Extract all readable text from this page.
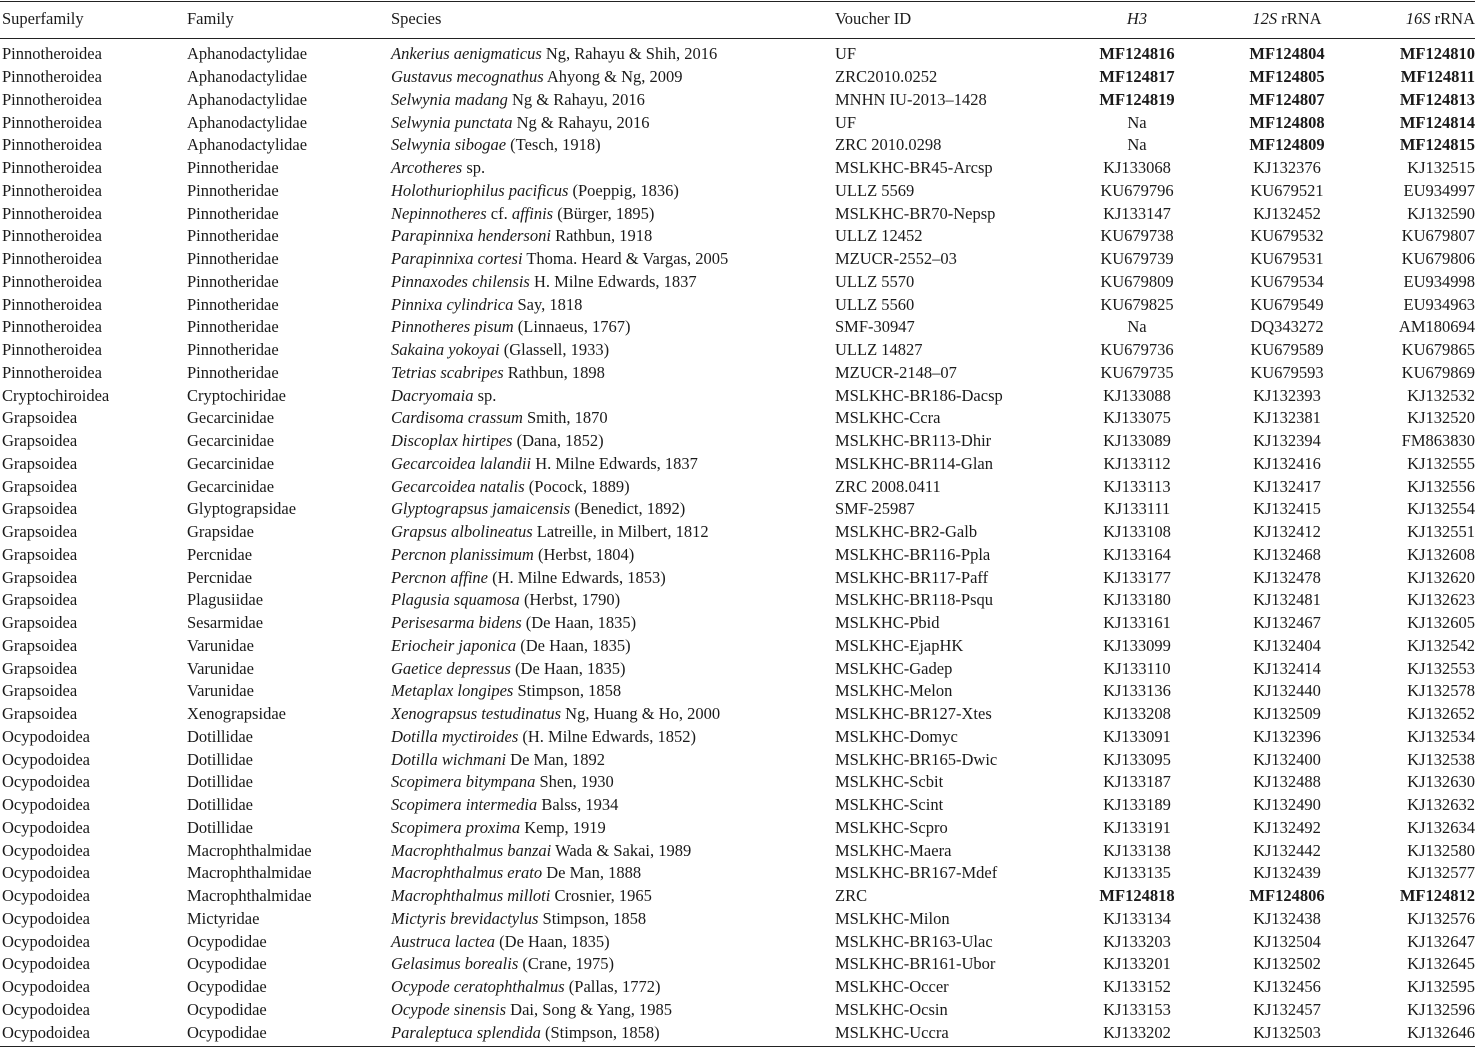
Superfamily	Family	Species	Voucher ID	H3	12S rRNA	16S rRNA

Pinnotheroidea	Aphanodactylidae	Ankerius aenigmaticus Ng, Rahayu & Shih, 2016	UF	MF124816	MF124804	MF124810
Pinnotheroidea	Aphanodactylidae	Gustavus mecognathus Ahyong & Ng, 2009	ZRC2010.0252	MF124817	MF124805	MF124811
Pinnotheroidea	Aphanodactylidae	Selwynia madang Ng & Rahayu, 2016	MNHN IU-2013–1428	MF124819	MF124807	MF124813
Pinnotheroidea	Aphanodactylidae	Selwynia punctata Ng & Rahayu, 2016	UF	Na	MF124808	MF124814
Pinnotheroidea	Aphanodactylidae	Selwynia sibogae (Tesch, 1918)	ZRC 2010.0298	Na	MF124809	MF124815
Pinnotheroidea	Pinnotheridae	Arcotheres sp.	MSLKHC-BR45-Arcsp	KJ133068	KJ132376	KJ132515
Pinnotheroidea	Pinnotheridae	Holothuriophilus pacificus (Poeppig, 1836)	ULLZ 5569	KU679796	KU679521	EU934997
Pinnotheroidea	Pinnotheridae	Nepinnotheres cf. affinis (Bürger, 1895)	MSLKHC-BR70-Nepsp	KJ133147	KJ132452	KJ132590
Pinnotheroidea	Pinnotheridae	Parapinnixa hendersoni Rathbun, 1918	ULLZ 12452	KU679738	KU679532	KU679807
Pinnotheroidea	Pinnotheridae	Parapinnixa cortesi Thoma. Heard & Vargas, 2005	MZUCR-2552–03	KU679739	KU679531	KU679806
Pinnotheroidea	Pinnotheridae	Pinnaxodes chilensis H. Milne Edwards, 1837	ULLZ 5570	KU679809	KU679534	EU934998
Pinnotheroidea	Pinnotheridae	Pinnixa cylindrica Say, 1818	ULLZ 5560	KU679825	KU679549	EU934963
Pinnotheroidea	Pinnotheridae	Pinnotheres pisum (Linnaeus, 1767)	SMF-30947	Na	DQ343272	AM180694
Pinnotheroidea	Pinnotheridae	Sakaina yokoyai (Glassell, 1933)	ULLZ 14827	KU679736	KU679589	KU679865
Pinnotheroidea	Pinnotheridae	Tetrias scabripes Rathbun, 1898	MZUCR-2148–07	KU679735	KU679593	KU679869
Cryptochiroidea	Cryptochiridae	Dacryomaia sp.	MSLKHC-BR186-Dacsp	KJ133088	KJ132393	KJ132532
Grapsoidea	Gecarcinidae	Cardisoma crassum Smith, 1870	MSLKHC-Ccra	KJ133075	KJ132381	KJ132520
Grapsoidea	Gecarcinidae	Discoplax hirtipes (Dana, 1852)	MSLKHC-BR113-Dhir	KJ133089	KJ132394	FM863830
Grapsoidea	Gecarcinidae	Gecarcoidea lalandii H. Milne Edwards, 1837	MSLKHC-BR114-Glan	KJ133112	KJ132416	KJ132555
Grapsoidea	Gecarcinidae	Gecarcoidea natalis (Pocock, 1889)	ZRC 2008.0411	KJ133113	KJ132417	KJ132556
Grapsoidea	Glyptograpsidae	Glyptograpsus jamaicensis (Benedict, 1892)	SMF-25987	KJ133111	KJ132415	KJ132554
Grapsoidea	Grapsidae	Grapsus albolineatus Latreille, in Milbert, 1812	MSLKHC-BR2-Galb	KJ133108	KJ132412	KJ132551
Grapsoidea	Percnidae	Percnon planissimum (Herbst, 1804)	MSLKHC-BR116-Ppla	KJ133164	KJ132468	KJ132608
Grapsoidea	Percnidae	Percnon affine (H. Milne Edwards, 1853)	MSLKHC-BR117-Paff	KJ133177	KJ132478	KJ132620
Grapsoidea	Plagusiidae	Plagusia squamosa (Herbst, 1790)	MSLKHC-BR118-Psqu	KJ133180	KJ132481	KJ132623
Grapsoidea	Sesarmidae	Perisesarma bidens (De Haan, 1835)	MSLKHC-Pbid	KJ133161	KJ132467	KJ132605
Grapsoidea	Varunidae	Eriocheir japonica (De Haan, 1835)	MSLKHC-EjapHK	KJ133099	KJ132404	KJ132542
Grapsoidea	Varunidae	Gaetice depressus (De Haan, 1835)	MSLKHC-Gadep	KJ133110	KJ132414	KJ132553
Grapsoidea	Varunidae	Metaplax longipes Stimpson, 1858	MSLKHC-Melon	KJ133136	KJ132440	KJ132578
Grapsoidea	Xenograpsidae	Xenograpsus testudinatus Ng, Huang & Ho, 2000	MSLKHC-BR127-Xtes	KJ133208	KJ132509	KJ132652
Ocypodoidea	Dotillidae	Dotilla myctiroides (H. Milne Edwards, 1852)	MSLKHC-Domyc	KJ133091	KJ132396	KJ132534
Ocypodoidea	Dotillidae	Dotilla wichmani De Man, 1892	MSLKHC-BR165-Dwic	KJ133095	KJ132400	KJ132538
Ocypodoidea	Dotillidae	Scopimera bitympana Shen, 1930	MSLKHC-Scbit	KJ133187	KJ132488	KJ132630
Ocypodoidea	Dotillidae	Scopimera intermedia Balss, 1934	MSLKHC-Scint	KJ133189	KJ132490	KJ132632
Ocypodoidea	Dotillidae	Scopimera proxima Kemp, 1919	MSLKHC-Scpro	KJ133191	KJ132492	KJ132634
Ocypodoidea	Macrophthalmidae	Macrophthalmus banzai Wada & Sakai, 1989	MSLKHC-Maera	KJ133138	KJ132442	KJ132580
Ocypodoidea	Macrophthalmidae	Macrophthalmus erato De Man, 1888	MSLKHC-BR167-Mdef	KJ133135	KJ132439	KJ132577
Ocypodoidea	Macrophthalmidae	Macrophthalmus milloti Crosnier, 1965	ZRC	MF124818	MF124806	MF124812
Ocypodoidea	Mictyridae	Mictyris brevidactylus Stimpson, 1858	MSLKHC-Milon	KJ133134	KJ132438	KJ132576
Ocypodoidea	Ocypodidae	Austruca lactea (De Haan, 1835)	MSLKHC-BR163-Ulac	KJ133203	KJ132504	KJ132647
Ocypodoidea	Ocypodidae	Gelasimus borealis (Crane, 1975)	MSLKHC-BR161-Ubor	KJ133201	KJ132502	KJ132645
Ocypodoidea	Ocypodidae	Ocypode ceratophthalmus (Pallas, 1772)	MSLKHC-Occer	KJ133152	KJ132456	KJ132595
Ocypodoidea	Ocypodidae	Ocypode sinensis Dai, Song & Yang, 1985	MSLKHC-Ocsin	KJ133153	KJ132457	KJ132596
Ocypodoidea	Ocypodidae	Paraleptuca splendida (Stimpson, 1858)	MSLKHC-Uccra	KJ133202	KJ132503	KJ132646
